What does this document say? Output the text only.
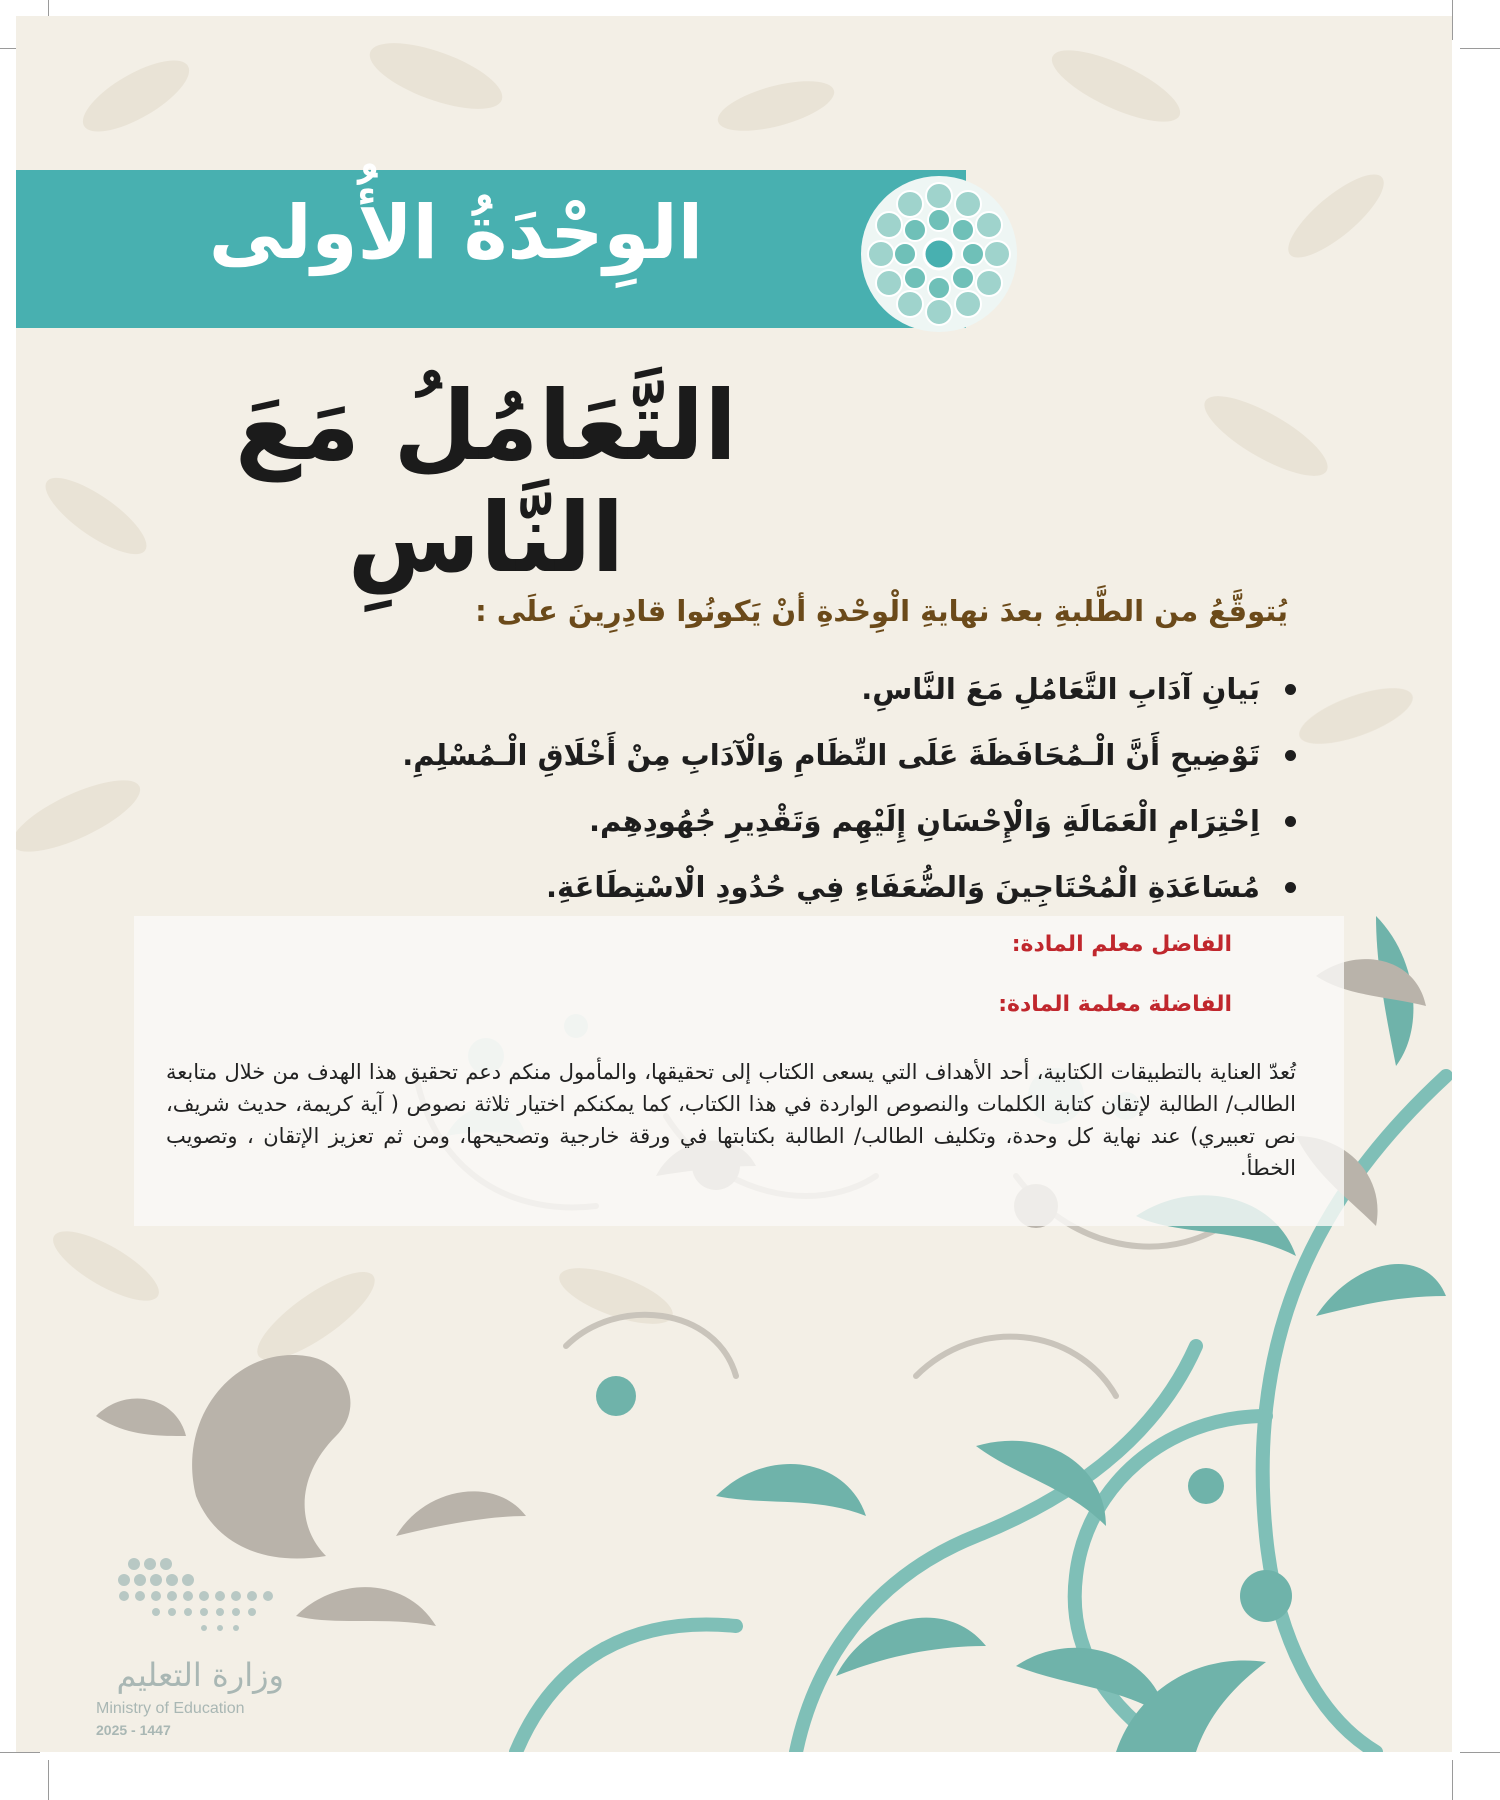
الوِحْدَةُ الأُولى
التَّعَامُلُ مَعَ النَّاسِ
يُتوقَّعُ من الطَّلبةِ بعدَ نهايةِ الْوِحْدةِ أنْ يَكونُوا قادِرِينَ علَى :
بَيانِ آدَابِ التَّعَامُلِ مَعَ النَّاسِ.
تَوْضِيحِ أَنَّ الْـمُحَافَظَةَ عَلَى النِّظَامِ وَالْآدَابِ مِنْ أَخْلَاقِ الْـمُسْلِمِ.
اِحْتِرَامِ الْعَمَالَةِ وَالْإِحْسَانِ إِلَيْهِم وَتَقْدِيرِ جُهُودِهِم.
مُسَاعَدَةِ الْمُحْتَاجِينَ وَالضُّعَفَاءِ فِي حُدُودِ الْاسْتِطَاعَةِ.
الفاضل معلم المادة:
الفاضلة معلمة المادة:
تُعدّ العناية بالتطبيقات الكتابية، أحد الأهداف التي يسعى الكتاب إلى تحقيقها، والمأمول منكم دعم تحقيق هذا الهدف من خلال متابعة الطالب/ الطالبة لإتقان كتابة الكلمات والنصوص الواردة في هذا الكتاب، كما يمكنكم اختيار ثلاثة نصوص ( آية كريمة، حديث شريف، نص تعبيري) عند نهاية كل وحدة، وتكليف الطالب/ الطالبة بكتابتها في ورقة خارجية وتصحيحها، ومن ثم تعزيز الإتقان ، وتصويب الخطأ.
وزارة التعليم
Ministry of Education
2025 - 1447
